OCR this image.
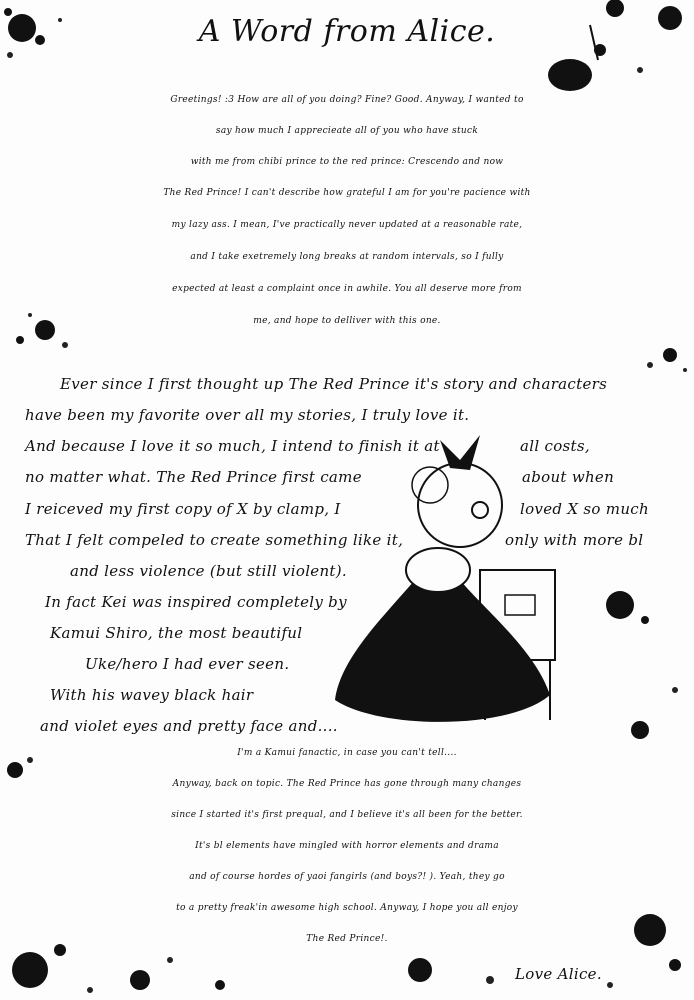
A Word from Alice.
Greetings! :3 How are all of you doing? Fine? Good. Anyway, I wanted to
say how much I apprecieate all of you who have stuck
with me from chibi prince to the red prince: Crescendo and now
The Red Prince! I can't describe how grateful I am for you're pacience with
my lazy ass. I mean, I've practically never updated at a reasonable rate,
and I take exetremely long breaks at random intervals, so I fully
expected at least a complaint once in awhile. You all deserve more from
me, and hope to delliver with this one.
Ever since I first thought up The Red Prince it's story and characters
have been my favorite over all my stories, I truly love it.
And because I love it so much, I intend to finish it at	all costs,
no matter what. The Red Prince first came	about when
I reiceved my first copy of X by clamp, I	loved X so much
That I felt compeled to create something like it,	only with more bl
and less violence (but still violent).
In fact Kei was inspired completely by
Kamui Shiro, the most beautiful
Uke/hero I had ever seen.
With his wavey black hair
and violet eyes and pretty face and....
I'm a Kamui fanactic, in case you can't tell....
Anyway, back on topic. The Red Prince has gone through many changes
since I started it's first prequal, and I believe it's all been for the better.
It's bl elements have mingled with horror elements and drama
and of course hordes of yaoi fangirls (and boys?! ). Yeah, they go
to a pretty freak'in awesome high school. Anyway, I hope you all enjoy
The Red Prince!.
Love Alice.
